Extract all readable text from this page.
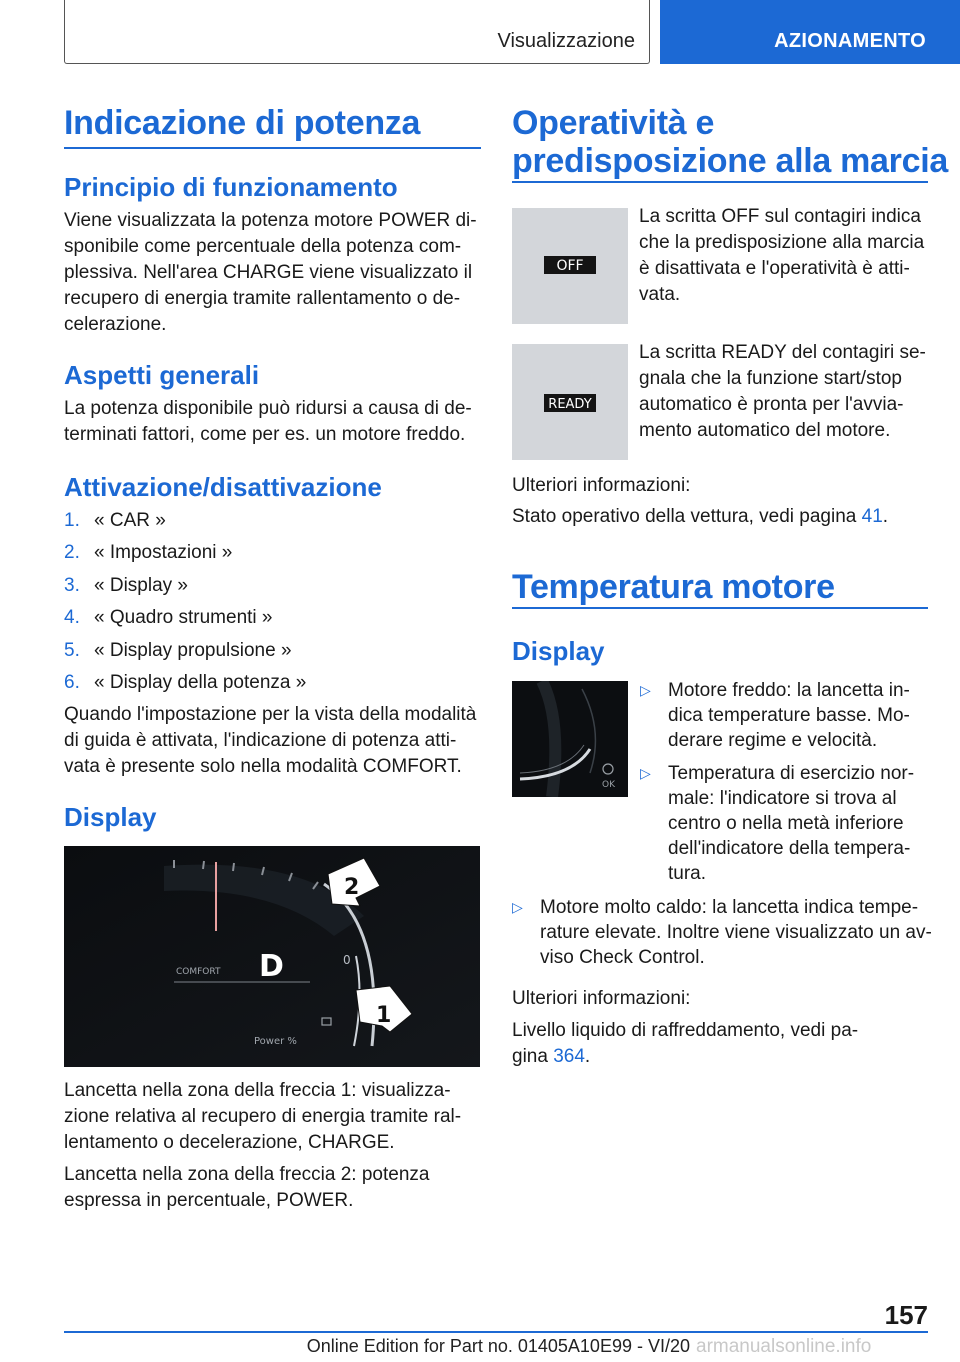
Visualizzazione	AZIONAMENTO
Indicazione di potenza
Principio di funzionamento
Viene visualizzata la potenza motore POWER di-
sponibile come percentuale della potenza com-
plessiva. Nell'area CHARGE viene visualizzato il
recupero di energia tramite rallentamento o de-
celerazione.
Aspetti generali
La potenza disponibile può ridursi a causa di de-
terminati fattori, come per es. un motore freddo.
Attivazione/disattivazione
1. « CAR »
2. « Impostazioni »
3. « Display »
4. « Quadro strumenti »
5. « Display propulsione »
6. « Display della potenza »
Quando l'impostazione per la vista della modalità
di guida è attivata, l'indicazione di potenza atti-
vata è presente solo nella modalità COMFORT.
Display
COMFORT D	0
Power %
2
1
Lancetta nella zona della freccia 1: visualizza-
zione relativa al recupero di energia tramite ral-
lentamento o decelerazione, CHARGE.
Lancetta nella zona della freccia 2: potenza
espressa in percentuale, POWER.
Operatività e
predisposizione alla marcia
OFF
La scritta OFF sul contagiri indica
che la predisposizione alla marcia
è disattivata e l'operatività è atti-
vata.
READY
La scritta READY del contagiri se-
gnala che la funzione start/stop
automatico è pronta per l'avvia-
mento automatico del motore.
Ulteriori informazioni:
Stato operativo della vettura, vedi pagina 41.
Temperatura motore
Display
OK
▷ Motore freddo: la lancetta in-
dica temperature basse. Mo-
derare regime e velocità.
▷ Temperatura di esercizio nor-
male: l'indicatore si trova al
centro o nella metà inferiore
dell'indicatore della tempera-
tura.
▷ Motore molto caldo: la lancetta indica tempe-
rature elevate. Inoltre viene visualizzato un av-
viso Check Control.
Ulteriori informazioni:
Livello liquido di raffreddamento, vedi pa-
gina 364.
157
Online Edition for Part no. 01405A10E99 - VI/20 armanualsonline.info
